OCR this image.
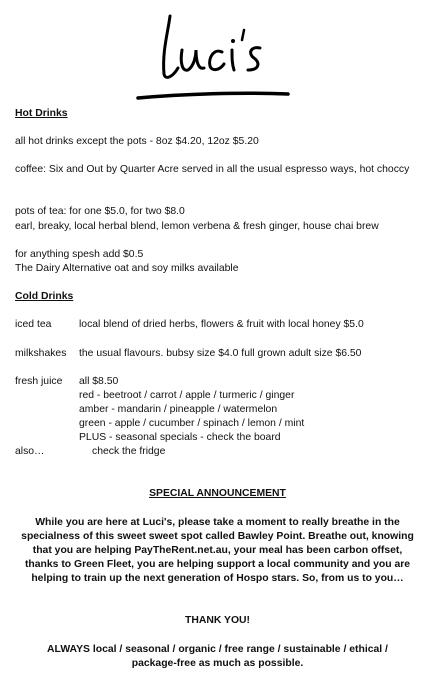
Hot Drinks
all hot drinks except the pots - 8oz $4.20, 12oz $5.20
coffee: Six and Out by Quarter Acre served in all the usual espresso ways, hot choccy
pots of tea: for one $5.0, for two $8.0
earl, breaky, local herbal blend, lemon verbena & fresh ginger, house chai brew
for anything spesh add $0.5
The Dairy Alternative oat and soy milks available
Cold Drinks
iced tea	local blend of dried herbs, flowers & fruit with local honey $5.0
milkshakes the usual flavours. bubsy size $4.0 full grown adult size $6.50
fresh juice all $8.50
red - beetroot / carrot / apple / turmeric / ginger
amber - mandarin / pineapple / watermelon
green - apple / cucumber / spinach / lemon / mint
PLUS - seasonal specials - check the board
also…	check the fridge
SPECIAL ANNOUNCEMENT
While you are here at Luci's, please take a moment to really breathe in the specialness of this sweet sweet spot called Bawley Point. Breathe out, knowing that you are helping PayTheRent.net.au, your meal has been carbon offset, thanks to Green Fleet, you are helping support a local community and you are helping to train up the next generation of Hospo stars. So, from us to you…
THANK YOU!
ALWAYS local / seasonal / organic / free range / sustainable / ethical / package-free as much as possible.
